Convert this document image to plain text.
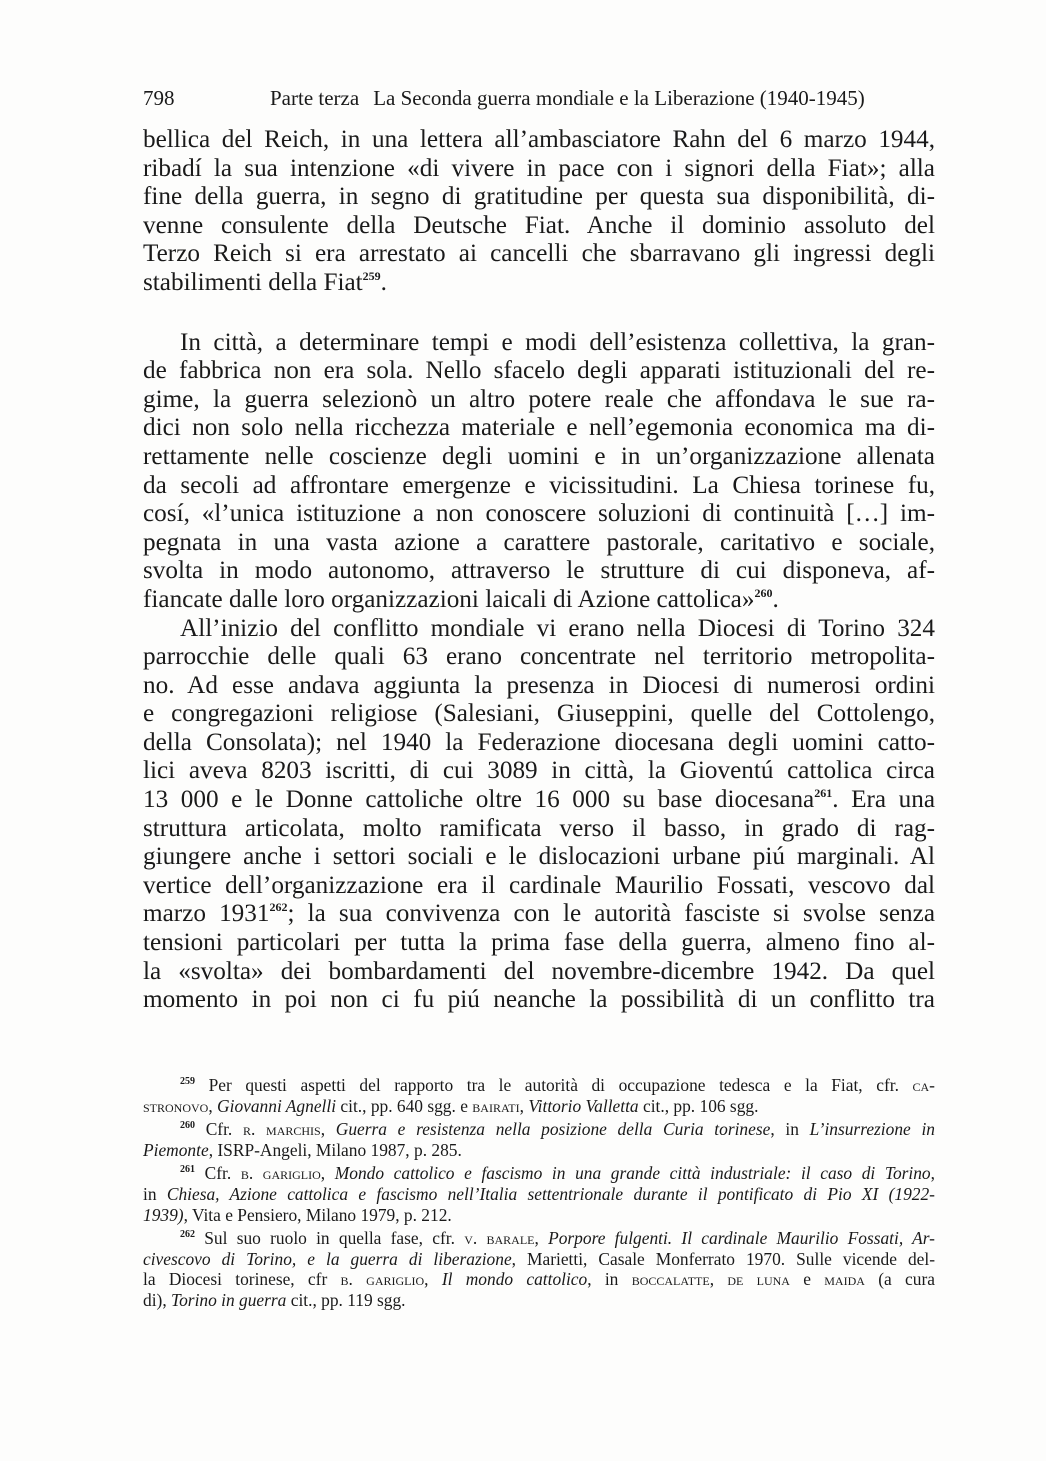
798	Parte terza La Seconda guerra mondiale e la Liberazione (1940-1945)
bellica del Reich, in una lettera all’ambasciatore Rahn del 6 marzo 1944,
ribadí la sua intenzione «di vivere in pace con i signori della Fiat»; alla
fine della guerra, in segno di gratitudine per questa sua disponibilità, di-
venne consulente della Deutsche Fiat. Anche il dominio assoluto del
Terzo Reich si era arrestato ai cancelli che sbarravano gli ingressi degli
stabilimenti della Fiat$^{259}$.
In città, a determinare tempi e modi dell’esistenza collettiva, la gran-
de fabbrica non era sola. Nello sfacelo degli apparati istituzionali del re-
gime, la guerra selezionò un altro potere reale che affondava le sue ra-
dici non solo nella ricchezza materiale e nell’egemonia economica ma di-
rettamente nelle coscienze degli uomini e in un’organizzazione allenata
da secoli ad affrontare emergenze e vicissitudini. La Chiesa torinese fu,
cosí, «l’unica istituzione a non conoscere soluzioni di continuità […] im-
pegnata in una vasta azione a carattere pastorale, caritativo e sociale,
svolta in modo autonomo, attraverso le strutture di cui disponeva, af-
fiancate dalle loro organizzazioni laicali di Azione cattolica»$^{260}$.
All’inizio del conflitto mondiale vi erano nella Diocesi di Torino 324
parrocchie delle quali 63 erano concentrate nel territorio metropolita-
no. Ad esse andava aggiunta la presenza in Diocesi di numerosi ordini
e congregazioni religiose (Salesiani, Giuseppini, quelle del Cottolengo,
della Consolata); nel 1940 la Federazione diocesana degli uomini catto-
lici aveva 8203 iscritti, di cui 3089 in città, la Gioventú cattolica circa
13 000 e le Donne cattoliche oltre 16 000 su base diocesana$^{261}$. Era una
struttura articolata, molto ramificata verso il basso, in grado di rag-
giungere anche i settori sociali e le dislocazioni urbane piú marginali. Al
vertice dell’organizzazione era il cardinale Maurilio Fossati, vescovo dal
marzo 1931$^{262}$; la sua convivenza con le autorità fasciste si svolse senza
tensioni particolari per tutta la prima fase della guerra, almeno fino al-
la «svolta» dei bombardamenti del novembre-dicembre 1942. Da quel
momento in poi non ci fu piú neanche la possibilità di un conflitto tra
$^{259}$ Per questi aspetti del rapporto tra le autorità di occupazione tedesca e la Fiat, cfr. ca-
stronovo, Giovanni Agnelli cit., pp. 640 sgg. e bairati, Vittorio Valletta cit., pp. 106 sgg.
$^{260}$ Cfr. r. marchis, Guerra e resistenza nella posizione della Curia torinese, in L’insurrezione in
Piemonte, ISRP-Angeli, Milano 1987, p. 285.
$^{261}$ Cfr. b. gariglio, Mondo cattolico e fascismo in una grande città industriale: il caso di Torino,
in Chiesa, Azione cattolica e fascismo nell’Italia settentrionale durante il pontificato di Pio XI (1922-
1939), Vita e Pensiero, Milano 1979, p. 212.
$^{262}$ Sul suo ruolo in quella fase, cfr. v. barale, Porpore fulgenti. Il cardinale Maurilio Fossati, Ar-
civescovo di Torino, e la guerra di liberazione, Marietti, Casale Monferrato 1970. Sulle vicende del-
la Diocesi torinese, cfr b. gariglio, Il mondo cattolico, in boccalatte, de luna e maida (a cura
di), Torino in guerra cit., pp. 119 sgg.
